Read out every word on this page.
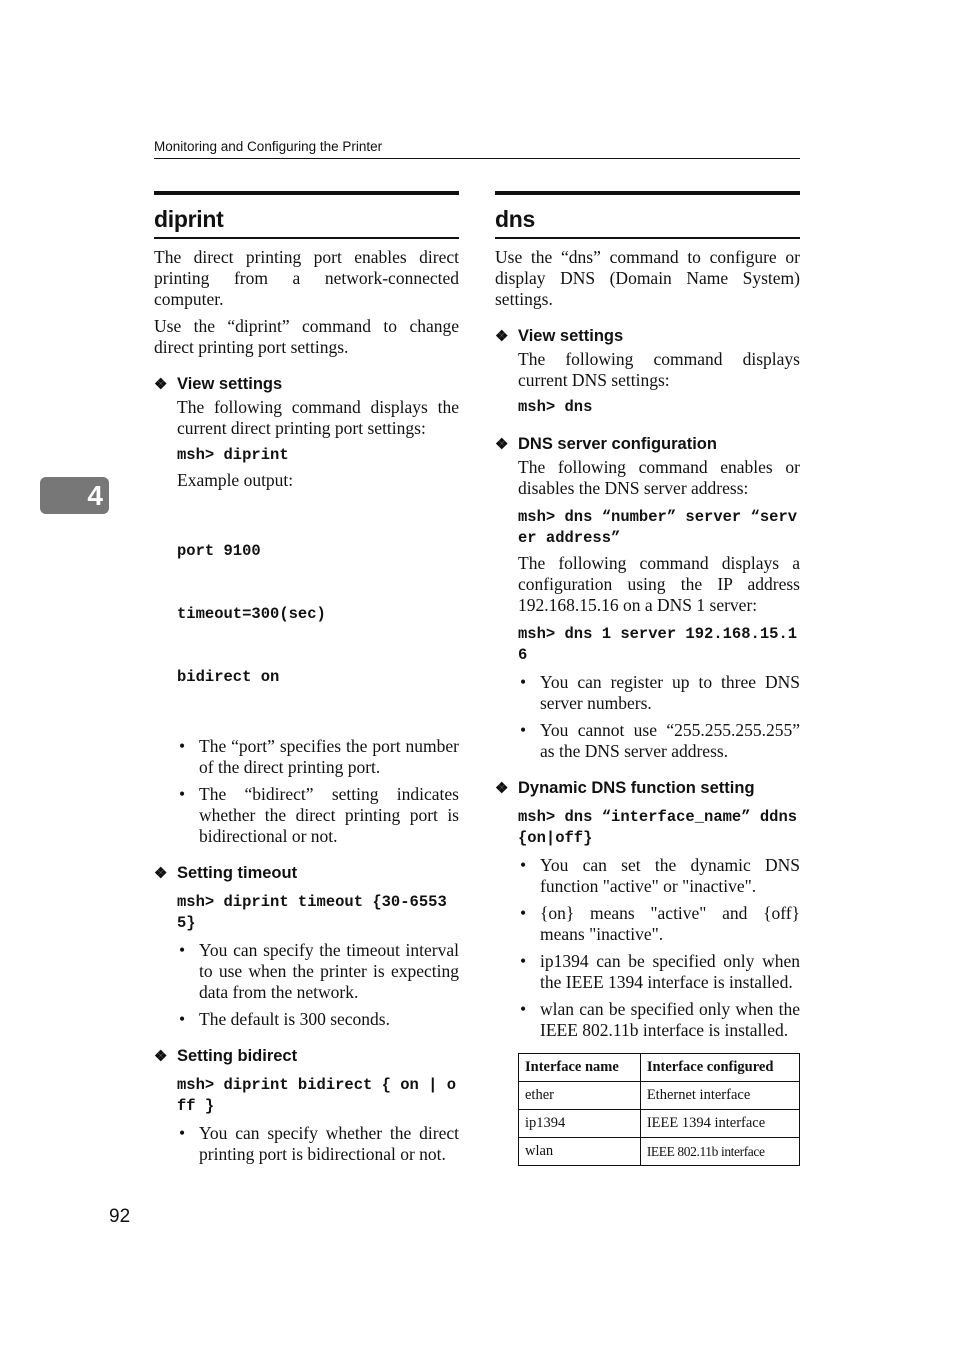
Monitoring and Configuring the Printer
4
diprint

The direct printing port enables direct printing from a network-connected computer.

Use the “diprint” command to change direct printing port settings.

❖ View settings

The following command displays the current direct printing port settings:

msh> diprint

Example output:

port 9100

timeout=300(sec)

bidirect on

• The “port” specifies the port number of the direct printing port.
• The “bidirect” setting indicates whether the direct printing port is bidirectional or not.
❖ Setting timeout
msh> diprint timeout {30-65535}
• You can specify the timeout interval to use when the printer is expecting data from the network.
• The default is 300 seconds.
❖ Setting bidirect
msh> diprint bidirect { on | off }
• You can specify whether the direct printing port is bidirectional or not.
dns

Use the “dns” command to configure or display DNS (Domain Name System) settings.

❖ View settings

The following command displays current DNS settings:

msh> dns
❖ DNS server configuration

The following command enables or disables the DNS server address:

msh> dns “number” server “server address”

The following command displays a configuration using the IP address 192.168.15.16 on a DNS 1 server:

msh> dns 1 server 192.168.15.16
• You can register up to three DNS server numbers.
• You cannot use “255.255.255.255” as the DNS server address.
❖ Dynamic DNS function setting
msh> dns “interface_name” ddns {on|off}
• You can set the dynamic DNS function "active" or "inactive".
• {on} means "active" and {off} means "inactive".
• ip1394 can be specified only when the IEEE 1394 interface is installed.
• wlan can be specified only when the IEEE 802.11b interface is installed.
Interface name	Interface configured
ether	Ethernet interface
ip1394	IEEE 1394 interface
wlan	IEEE 802.11b interface
92
